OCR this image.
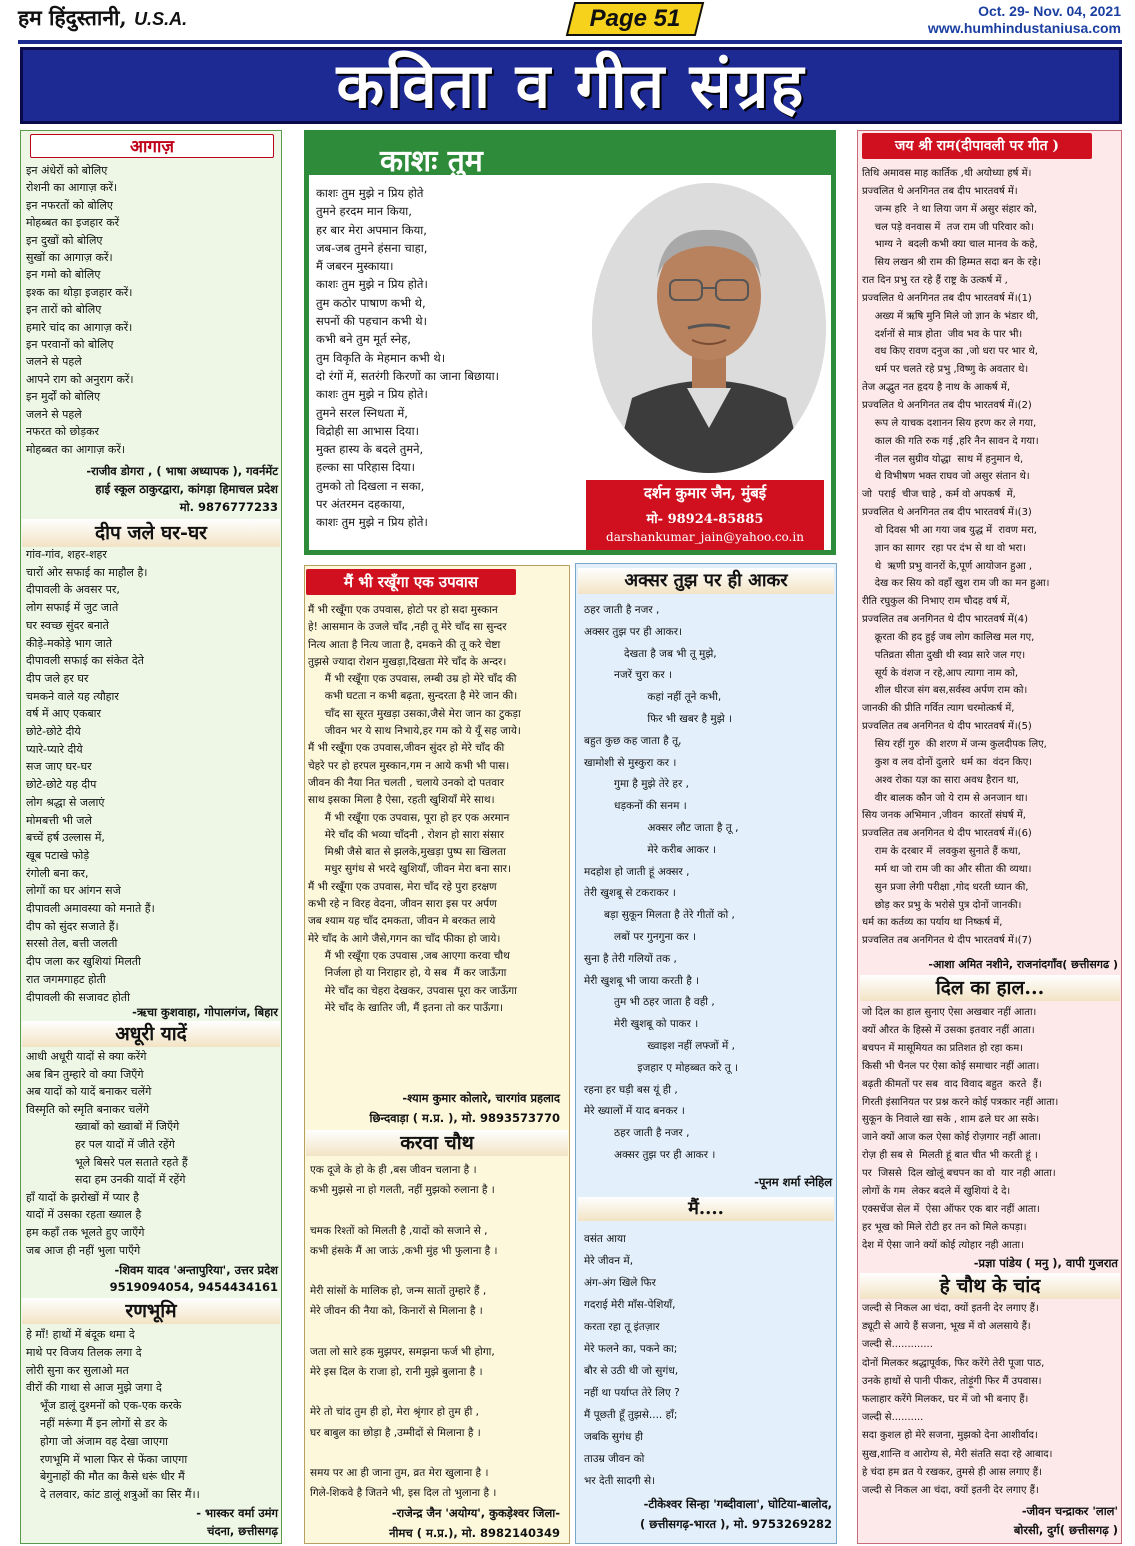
हम हिंदुस्तानी, U.S.A.	Page 51	Oct. 29- Nov. 04, 2021
www.humhindustaniusa.com
कविता व गीत संग्रह
आगाज़
इन अंधेरों को बोलिए
रोशनी का आगाज़ करें।
इन नफरतों को बोलिए
मोहब्बत का इजहार करें
इन दुखों को बोलिए
सुखों का आगाज़ करें।
इन गमो को बोलिए
इश्क का थोड़ा इजहार करें।
इन तारों को बोलिए
हमारे चांद का आगाज़ करें।
इन परवानों को बोलिए
जलने से पहले
आपने राग को अनुराग करें।
इन मुर्दों को बोलिए
जलने से पहले
नफरत को छोड़कर
मोहब्बत का आगाज़ करें।
-राजीव डोगरा , ( भाषा अध्यापक ), गवर्नमेंट
हाई स्कूल ठाकुरद्वारा, कांगड़ा हिमाचल प्रदेश
मो. 9876777233
दीप जले घर-घर
गांव-गांव, शहर-शहर
चारों ओर सफाई का माहौल है।
दीपावली के अवसर पर,
लोग सफाई में जुट जाते
घर स्वच्छ सुंदर बनाते
कीड़े-मकोड़े भाग जाते
दीपावली सफाई का संकेत देते
दीप जले हर घर
चमकने वाले यह त्यौहार
वर्ष में आए एकबार
छोटे-छोटे दीये
प्यारे-प्यारे दीये
सज जाए घर-घर
छोटे-छोटे यह दीप
लोग श्रद्धा से जलाएं
मोमबत्ती भी जले
बच्चें हर्ष उल्लास में,
खूब पटाखे फोड़े
रंगोली बना कर,
लोगों का घर आंगन सजे
दीपावली अमावस्या को मनाते हैं।
दीप को सुंदर सजाते हैं।
सरसो तेल, बत्ती जलती
दीप जला कर खुशियां मिलती
रात जगमगाहट होती
दीपावली की सजावट होती
-ऋचा कुशवाहा, गोपालगंज, बिहार
अधूरी यादें
आधी अधूरी यादों से क्या करेंगे
अब बिन तुम्हारे वो क्या जिएँगे
अब यादों को यादें बनाकर चलेंगे
विस्मृति को स्मृति बनाकर चलेंगे
ख्वाबों को ख्वाबों में जिएँगे
हर पल यादों में जीते रहेंगे
भूले बिसरे पल सताते रहते हैं
सदा हम उनकी यादों में रहेंगे
हाँ यादों के झरोखों में प्यार है
यादों में उसका रहता ख्याल है
हम कहाँ तक भूलते हुए जाएँगे
जब आज ही नहीं भुला पाएँगे
-शिवम यादव 'अन्तापुरिया', उत्तर प्रदेश
9519094054, 9454434161
रणभूमि
हे माँ! हाथों में बंदूक थमा दे
माथे पर विजय तिलक लगा दे
लोरी सुना कर सुलाओ मत
वीरों की गाथा से आज मुझे जगा दे
भूँज डालूं दुश्मनों को एक-एक करके
नहीं मरूंगा मैं इन लोगों से डर के
होगा जो अंजाम वह देखा जाएगा
रणभूमि में भाला फिर से फेंका जाएगा
बेगुनाहों की मौत का कैसे धरूं धीर मैं
दे तलवार, कांट डालूं शत्रुओं का सिर मैं।।
- भास्कर वर्मा उमंग
चंदना, छत्तीसगढ़
काशः तुम
काशः तुम मुझे न प्रिय होते
तुमने हरदम मान किया,
हर बार मेरा अपमान किया,
जब-जब तुमने हंसना चाहा,
मैं जबरन मुस्काया।
काशः तुम मुझे न प्रिय होते।
तुम कठोर पाषाण कभी थे,
सपनों की पहचान कभी थे।
कभी बने तुम मूर्त स्नेह,
तुम विकृति के मेहमान कभी थे।
दो रंगों में, सतरंगी किरणों का जाना बिछाया।
काशः तुम मुझे न प्रिय होते।
तुमने सरल स्निधता में,
विद्रोही सा आभास दिया।
मुक्त हास्य के बदले तुमने,
हल्का सा परिहास दिया।
तुमको तो दिखला न सका,
पर अंतरमन दहकाया,
काशः तुम मुझे न प्रिय होते।
दर्शन कुमार जैन, मुंबई
मो- 98924-85885
darshankumar_jain@yahoo.co.in
मैं भी रखूँगा एक उपवास
मैं भी रखूँगा एक उपवास, होटो पर हो सदा मुस्कान
हे! आसमान के उजले चाँद ,नही तू मेरे चाँद सा सुन्दर
नित्य आता है नित्य जाता है, दमकने की तू करे चेष्टा
तुझसे ज्यादा रोशन मुखड़ा,दिखता मेरे चाँद के अन्दर।
मैं भी रखूँगा एक उपवास, लम्बी उम्र हो मेरे चाँद की
कभी घटता न कभी बढ़ता, सुन्दरता है मेरे जान की।
चाँद सा सूरत मुखड़ा उसका,जैसे मेरा जान का टुकड़ा
जीवन भर ये साथ निभाये,हर गम को ये यूँ सह जाये।
मैं भी रखूँगा एक उपवास,जीवन सुंदर हो मेरे चाँद की
चेहरे पर हो हरपल मुस्कान,गम न आये कभी भी पास।
जीवन की नैया नित चलती , चलाये उनको दो पतवार
साथ इसका मिला है ऐसा, रहती खुशियाँ मेरे साथ।
मैं भी रखूँगा एक उपवास, पूरा हो हर एक अरमान
मेरे चाँद की भव्या चाँदनी , रोशन हो सारा संसार
मिश्री जैसे बात से झलके,मुखड़ा पुष्प सा खिलता
मधुर सुगंध से भरदे खुशियाँ, जीवन मेरा बना सार।
मैं भी रखूँगा एक उपवास, मेरा चाँद रहे पुरा हरक्षण
कभी रहे न विरह वेदना, जीवन सारा इस पर अर्पण
जब श्याम यह चाँद दमकता, जीवन मे बरकत लाये
मेरे चाँद के आगे जैसे,गगन का चाँद फीका हो जाये।
मैं भी रखूँगा एक उपवास ,जब आएगा करवा चौथ
निर्जला हो या निराहार हो, ये सब  मैं कर जाऊँगा
मेरे चाँद का चेहरा देखकर, उपवास पूरा कर जाऊँगा
मेरे चाँद के खातिर जी, मैं इतना तो कर पाऊँगा।
-श्याम कुमार कोलारे, चारगांव प्रहलाद
छिन्दवाड़ा ( म.प्र. ), मो. 9893573770
करवा चौथ
एक दूजे के हो के ही ,बस जीवन चलाना है ।
कभी मुझसे ना हो गलती, नहीं मुझको रुलाना है ।

चमक रिश्तों को मिलती है ,यादों को सजाने से ,
कभी हंसके मैं आ जाऊं ,कभी मुंह भी फुलाना है ।

मेरी सांसों के मालिक हो, जन्म सातों तुम्हारे हैं ,
मेरे जीवन की नैया को, किनारों से मिलाना है ।

जता लो सारे हक मुझपर, समझना फर्ज भी होगा,
मेरे इस दिल के राजा हो, रानी मुझे बुलाना है ।

मेरे तो चांद तुम ही हो, मेरा श्रृंगार हो तुम ही ,
घर बाबुल का छोड़ा है ,उम्मीदों से मिलाना है ।

समय पर आ ही जाना तुम, व्रत मेरा खुलाना है ।
गिले-शिकवे है जितने भी, इस दिल तो भुलाना है ।
-राजेन्द्र जैन 'अयोग्य', कुकड़ेश्वर जिला-
नीमच ( म.प्र.), मो. 8982140349
अक्सर तुझ पर ही आकर
ठहर जाती है नजर ,
अक्सर तुझ पर ही आकर।
देखता है जब भी तू मुझे,
नजरें चुरा कर ।
कहां नहीं तूने कभी,
फिर भी खबर है मुझे ।
बहुत कुछ कह जाता है तू,
खामोशी से मुस्कुरा कर ।
गुमा है मुझे तेरे हर ,
धड़कनों की सनम ।
अक्सर लौट जाता है तू ,
मेरे करीब आकर ।
मदहोश हो जाती हूं अक्सर ,
तेरी खुशबू से टकराकर ।
बड़ा सुकून मिलता है तेरे गीतों को ,
लबों पर गुनगुना कर ।
सुना है तेरी गलियों तक ,
मेरी खुशबू भी जाया करती है ।
तुम भी ठहर जाता है वही ,
मेरी खुशबू को पाकर ।
ख्वाइश नहीं लफ्जों में ,
इजहार ए मोहब्बत करे तू ।
रहना हर घड़ी बस यूं ही ,
मेरे ख्यालों में याद बनकर ।
ठहर जाती है नजर ,
अक्सर तुझ पर ही आकर ।
-पूनम शर्मा स्नेहिल
मैं....
वसंत आया
मेरे जीवन में,
अंग-अंग खिले फिर
गदराई मेरी माँस-पेशियाँ,
करता रहा तू इंतज़ार
मेरे फलने का, पकने का;
बौर से उठी थी जो सुगंध,
नहीं था पर्याप्त तेरे लिए ?
मैं पूछती हूँ तुझसे.... हाँ;
जबकि सुगंध ही
ताउम्र जीवन को
भर देती सादगी से।
-टीकेश्वर सिन्हा 'गब्दीवाला', घोटिया-बालोद,
( छत्तीसगढ़-भारत ), मो. 9753269282
जय श्री राम(दीपावली पर गीत )
तिथि अमावस माह कार्तिक ,थी अयोध्या हर्ष में।
प्रज्वलित थे अनगिनत तब दीप भारतवर्ष में।
जन्म हरि  ने था लिया जग में असुर संहार को,
चल पड़े वनवास में  तज राम जी परिवार को।
भाग्य ने  बदली कभी क्या चाल मानव के कहे,
सिय लखन श्री राम की हिम्मत सदा बन के रहे।
रात दिन प्रभु रत रहे हैं राष्ट्र के उत्कर्ष में ,
प्रज्वलित थे अनगिनत तब दीप भारतवर्ष में।(1)
अख्य में ऋषि मुनि मिले जो ज्ञान के भंडार थी,
दर्शनों से मात्र होता  जीव भव के पार भी।
वध किए रावण दनुज का ,जो धरा पर भार थे,
धर्म पर चलते रहे प्रभु ,विष्णु के अवतार थे।
तेज अद्भुत नत हृदय है नाथ के आकर्ष में,
प्रज्वलित थे अनगिनत तब दीप भारतवर्ष में।(2)
रूप ले याचक दशानन सिय हरण कर ले गया,
काल की गति रुक गई ,हरि नैन सावन दे गया।
नील नल सुग्रीव योद्धा  साथ में हनुमान थे,
थे विभीषण भक्त राघव जो असुर संतान थे।
जो  पराई  चीज चाहे , कर्म वो अपकर्ष  में,
प्रज्वलित थे अनगिनत तब दीप भारतवर्ष में।(3)
वो दिवस भी आ गया जब युद्ध में  रावण मरा,
ज्ञान का सागर  रहा पर दंभ से था वो भरा।
थे  ऋणी प्रभु वानरों के,पूर्ण आयोजन हुआ ,
देख कर सिय को वहाँ खुश राम जी का मन हुआ।
रीति रघुकुल की निभाए राम चौदह वर्ष में,
प्रज्वलित तब अनगिनत थे दीप भारतवर्ष में(4)
क्रूरता की हद हुई जब लोग कालिख मल गए,
पतिव्रता सीता दुखी थी स्वप्न सारे जल गए।
सूर्य के वंशज न रहे,आप त्यागा नाम को,
शील धीरज संग बस,सर्वस्व अर्पण राम को।
जानकी की प्रीति गर्वित त्याग चरमोत्कर्ष में,
प्रज्वलित तब अनगिनत थे दीप भारतवर्ष में।(5)
सिय रहीं गुरु  की शरण में जन्म कुलदीपक लिए,
कुश व लव दोनों दुलारे  धर्म का  वंदन किए।
अश्व रोका यज्ञ का सारा अवध हैरान था,
वीर बालक कौन जो ये राम से अनजान था।
सिय जनक अभिमान ,जीवन  कारतों संघर्ष में,
प्रज्वलित तब अनगिनत थे दीप भारतवर्ष में।(6)
राम के दरबार में  लवकुश सुनाते हैं कथा,
मर्म था जो राम जी का और सीता की व्यथा।
सुन प्रजा लेगी परीक्षा ,गोद धरती ध्यान की,
छोड़ कर प्रभु के भरोसे पुत्र दोनों जानकी।
धर्म का कर्तव्य का पर्याय था निष्कर्ष में,
प्रज्वलित तब अनगिनत थे दीप भारतवर्ष में।(7)
-आशा अमित नशीने, राजनांदगाँव( छत्तीसगढ )
दिल का हाल...
जो दिल का हाल सुनाए ऐसा अखबार नहीं आता।
क्यों औरत के हिस्से में उसका इतवार नहीं आता।
बचपन में मासूमियत का प्रतिशत हो रहा कम।
किसी भी चैनल पर ऐसा कोई समाचार नहीं आता।
बढ़ती कीमतों पर सब  वाद विवाद बहुत  करते  हैं।
गिरती इंसानियत पर प्रश्न करने कोई पत्रकार नहीं आता।
सुकून के निवाले खा सके , शाम ढले घर आ सके।
जाने क्यों आज कल ऐसा कोई रोज़गार नहीं आता।
रोज़ ही सब से  मिलती हूं बात चीत भी करती हूं ।
पर  जिससे  दिल खोलूं बचपन का वो  यार नही आता।
लोगों के गम  लेकर बदले में खुशियां दे दे।
एक्सचेंज सेल में  ऐसा ऑफर एक बार नहीं आता।
हर भूख को मिले रोटी हर तन को मिले कपड़ा।
देश में ऐसा जाने क्यों कोई त्योहार नही आता।
-प्रज्ञा पांडेय ( मनु ), वापी गुजरात
हे चौथ के चांद
जल्दी से निकल आ चंदा, क्यों इतनी देर लगाए हैं।
ड्यूटी से आये हैं सजना, भूख में वो अलसाये हैं।
जल्दी से.............
दोनों मिलकर श्रद्धापूर्वक, फिर करेंगे तेरी पूजा पाठ,
उनके हाथों से पानी पीकर, तोड़ूंगी फिर मैं उपवास।
फलाहार करेंगे मिलकर, घर में जो भी बनाए हैं।
जल्दी से..........
सदा कुशल हो मेरे सजना, मुझको देना आशीर्वाद।
सुख,शान्ति व आरोग्य से, मेरी संतति सदा रहे आबाद।
हे चंदा हम व्रत ये रखकर, तुमसे ही आस लगाए हैं।
जल्दी से निकल आ चंदा, क्यों इतनी देर लगाए हैं।
-जीवन चन्द्राकर 'लाल'
बोरसी, दुर्ग( छत्तीसगढ़ )
